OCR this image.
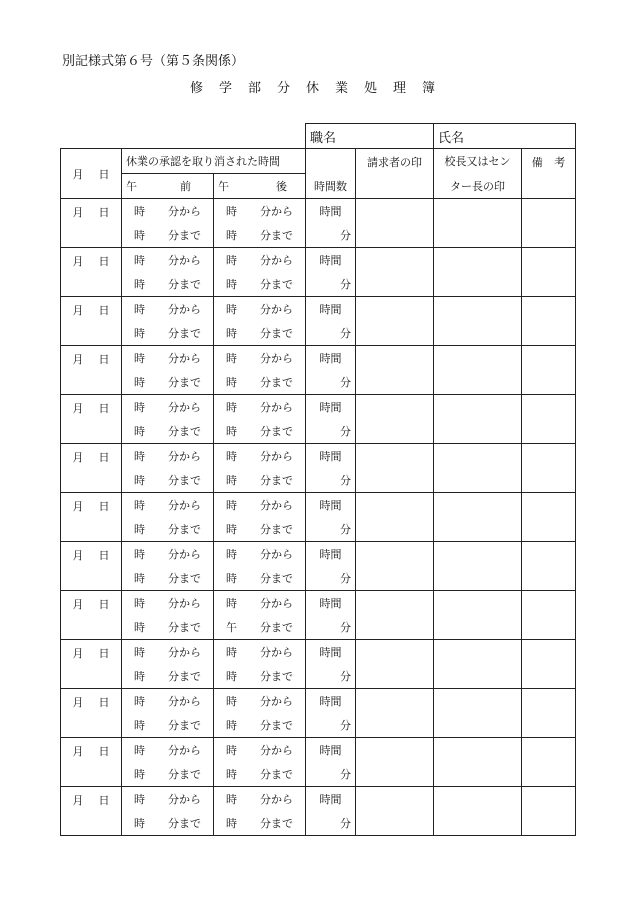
別記様式第６号（第５条関係）
修 学 部 分 休 業 処 理 簿
			職名		氏名	

月 日	休業の承認を取り消された時間			請求者の印	校長又はセン	備 考

	午 前	午 後	時間数		ター長の印	

月 日	時 分から	時 分から	時間			

	時 分まで	時 分まで	分			

月 日	時 分から	時 分から	時間			

	時 分まで	時 分まで	分			

月 日	時 分から	時 分から	時間			

	時 分まで	時 分まで	分			

月 日	時 分から	時 分から	時間			

	時 分まで	時 分まで	分			

月 日	時 分から	時 分から	時間			

	時 分まで	時 分まで	分			

月 日	時 分から	時 分から	時間			

	時 分まで	時 分まで	分			

月 日	時 分から	時 分から	時間			

	時 分まで	時 分まで	分			

月 日	時 分から	時 分から	時間			

	時 分まで	時 分まで	分			

月 日	時 分から	時 分から	時間			

	時 分まで	午 分まで	分			

月 日	時 分から	時 分から	時間			

	時 分まで	時 分まで	分			

月 日	時 分から	時 分から	時間			

	時 分まで	時 分まで	分			

月 日	時 分から	時 分から	時間			

	時 分まで	時 分まで	分			

月 日	時 分から	時 分から	時間			

	時 分まで	時 分まで	分			
